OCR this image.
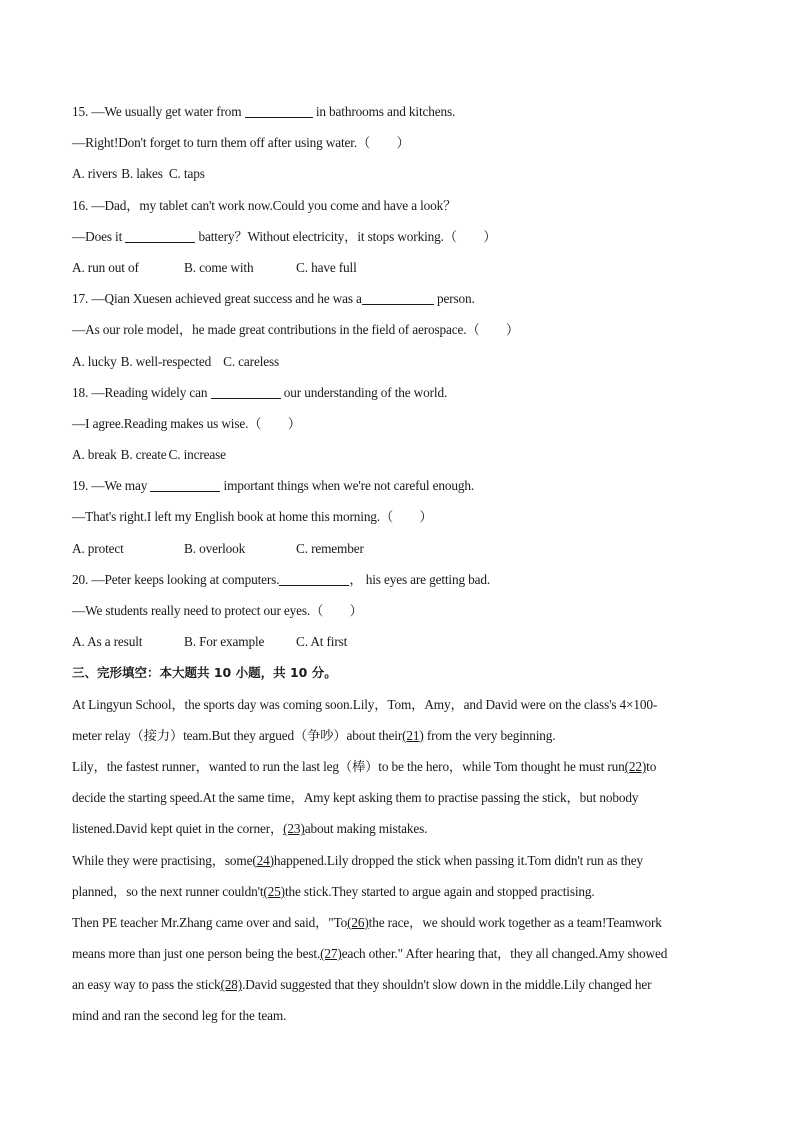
15. —We usually get water from	in bathrooms and kitchens.
—Right!Don't forget to turn them off after using water.（　　）
A. rivers B. lakes C. taps
16. —Dad，my tablet can't work now.Could you come and have a look？
—Does it	battery？Without electricity，it stops working.（　　）
A. run out of	B. come with	C. have full
17. —Qian Xuesen achieved great success and he was a	person.
—As our role model，he made great contributions in the field of aerospace.（　　）
A. lucky B. well-respected C. careless
18. —Reading widely can	our understanding of the world.
—I agree.Reading makes us wise.（　　）
A. break B. create C. increase
19. —We may	important things when we're not careful enough.
—That's right.I left my English book at home this morning.（　　）
A. protect	B. overlook	C. remember
20. —Peter keeps looking at computers.	， his eyes are getting bad.
—We students really need to protect our eyes.（　　）
A. As a result	B. For example C. At first
三、完形填空：本大题共 10 小题，共 10 分。
At Lingyun School，the sports day was coming soon.Lily，Tom，Amy，and David were on the class's 4×100-
meter relay（接力）team.But they argued（争吵）about their(21) from the very beginning.
Lily，the fastest runner，wanted to run the last leg（棒）to be the hero，while Tom thought he must run(22)to
decide the starting speed.At the same time，Amy kept asking them to practise passing the stick，but nobody
listened.David kept quiet in the corner，(23)about making mistakes.
While they were practising，some(24)happened.Lily dropped the stick when passing it.Tom didn't run as they
planned，so the next runner couldn't(25)the stick.They started to argue again and stopped practising.
Then PE teacher Mr.Zhang came over and said，"To(26)the race，we should work together as a team!Teamwork
means more than just one person being the best.(27)each other." After hearing that，they all changed.Amy showed
an easy way to pass the stick(28).David suggested that they shouldn't slow down in the middle.Lily changed her
mind and ran the second leg for the team.
